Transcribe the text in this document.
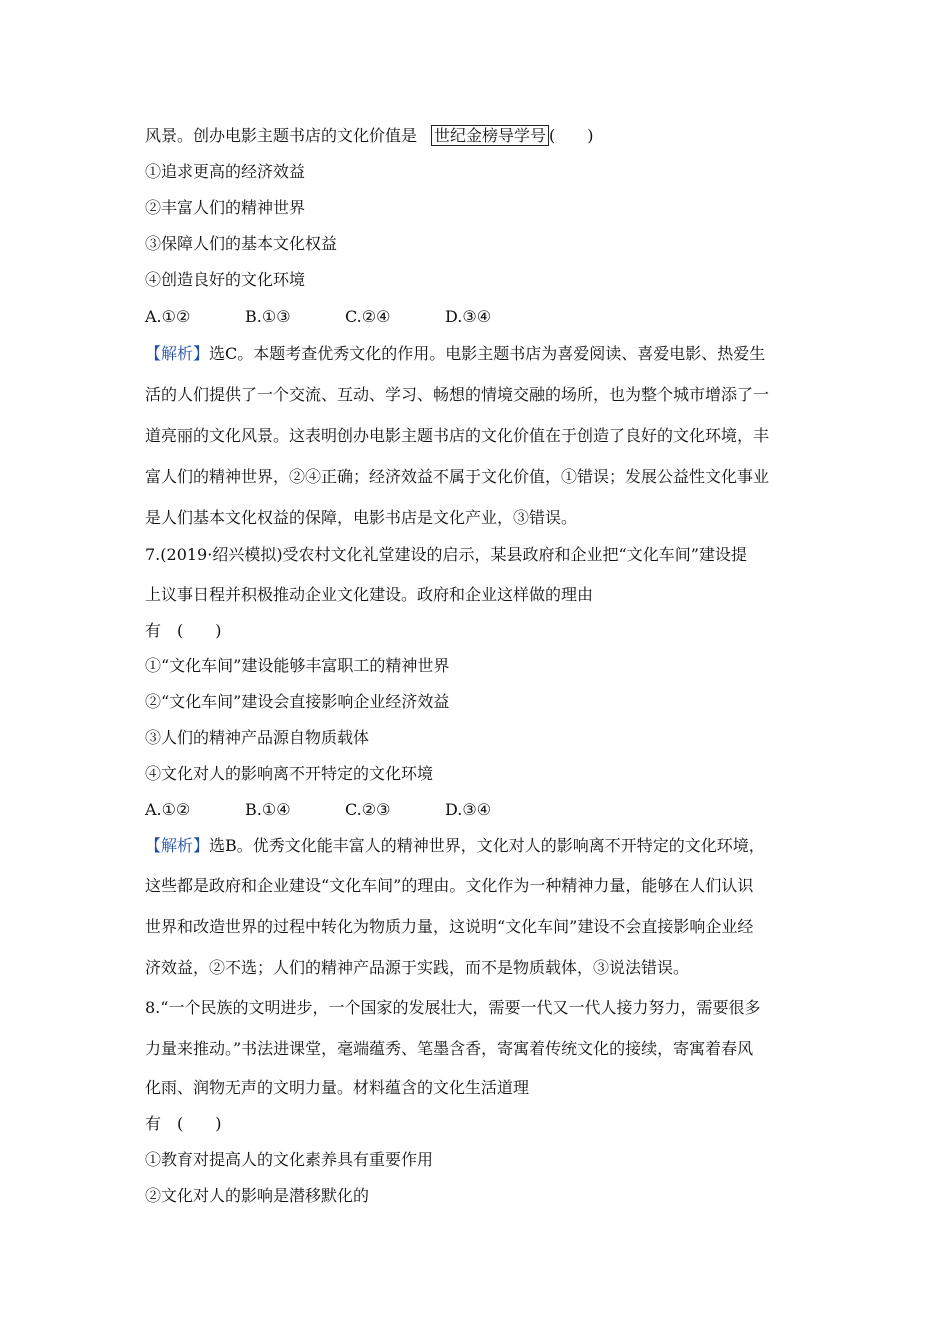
风景。创办电影主题书店的文化价值是 世纪金榜导学号 (　　)
①追求更高的经济效益
②丰富人们的精神世界
③保障人们的基本文化权益
④创造良好的文化环境
A.①②	B.①③	C.②④	D.③④
【解析】选C。本题考查优秀文化的作用。电影主题书店为喜爱阅读、喜爱电影、热爱生
活的人们提供了一个交流、互动、学习、畅想的情境交融的场所，也为整个城市增添了一
道亮丽的文化风景。这表明创办电影主题书店的文化价值在于创造了良好的文化环境，丰
富人们的精神世界，②④正确；经济效益不属于文化价值，①错误；发展公益性文化事业
是人们基本文化权益的保障，电影书店是文化产业，③错误。
7.(2019·绍兴模拟)受农村文化礼堂建设的启示，某县政府和企业把“文化车间”建设提
上议事日程并积极推动企业文化建设。政府和企业这样做的理由
有　(　　)
①“文化车间”建设能够丰富职工的精神世界
②“文化车间”建设会直接影响企业经济效益
③人们的精神产品源自物质载体
④文化对人的影响离不开特定的文化环境
A.①②	B.①④	C.②③	D.③④
【解析】选B。优秀文化能丰富人的精神世界，文化对人的影响离不开特定的文化环境，
这些都是政府和企业建设“文化车间”的理由。文化作为一种精神力量，能够在人们认识
世界和改造世界的过程中转化为物质力量，这说明“文化车间”建设不会直接影响企业经
济效益，②不选；人们的精神产品源于实践，而不是物质载体，③说法错误。
8.“一个民族的文明进步，一个国家的发展壮大，需要一代又一代人接力努力，需要很多
力量来推动。”书法进课堂，毫端蕴秀、笔墨含香，寄寓着传统文化的接续，寄寓着春风
化雨、润物无声的文明力量。材料蕴含的文化生活道理
有　(　　)
①教育对提高人的文化素养具有重要作用
②文化对人的影响是潜移默化的
